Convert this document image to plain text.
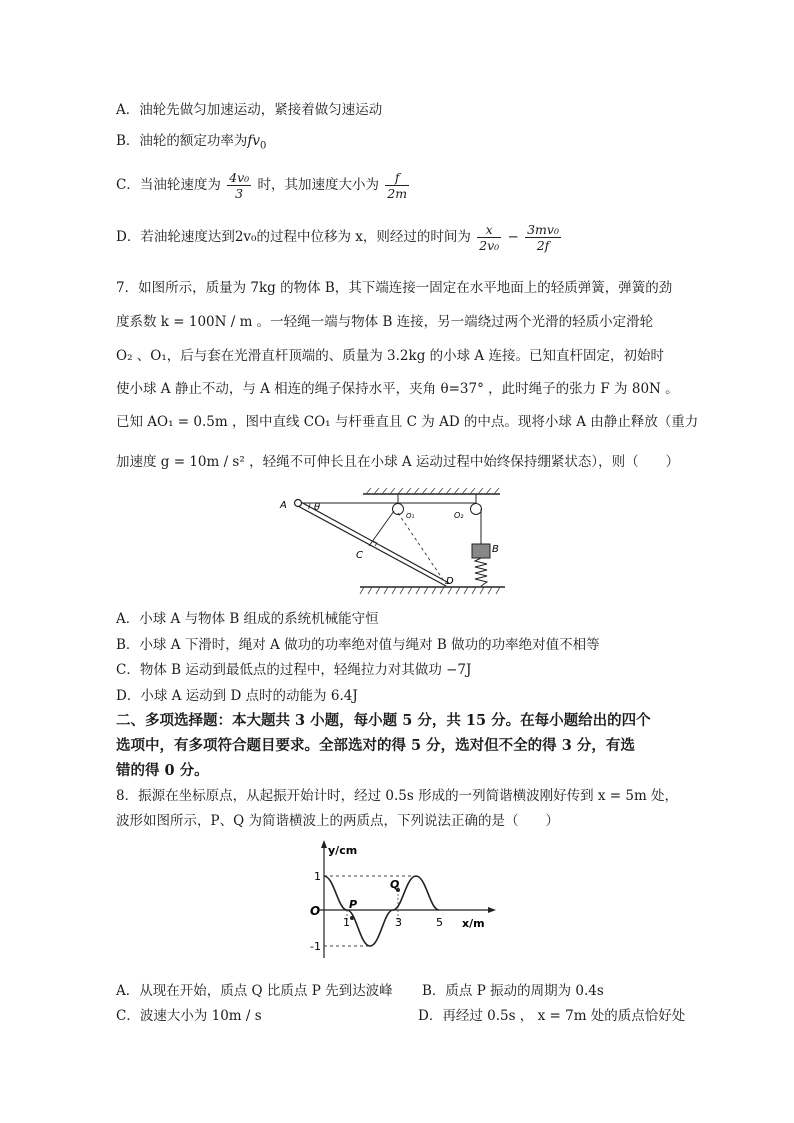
A．油轮先做匀加速运动，紧接着做匀速运动
B．油轮的额定功率为$fv_0$
C．当油轮速度为 $\frac{\text{4v₀}}{3}$ 时，其加速度大小为 $\frac{f}{2m}$
D．若油轮速度达到2v₀的过程中位移为 x，则经过的时间为 $\frac{x}{\text{2v₀}} - \frac{\text{3mv₀}}{2f}$
7．如图所示，质量为 7kg 的物体 B，其下端连接一固定在水平地面上的轻质弹簧，弹簧的劲
度系数 k = 100N / m 。一轻绳一端与物体 B 连接，另一端绕过两个光滑的轻质小定滑轮
O₂ 、O₁，后与套在光滑直杆顶端的、质量为 3.2kg 的小球 A 连接。已知直杆固定，初始时
使小球 A 静止不动，与 A 相连的绳子保持水平，夹角 θ=37° ，此时绳子的张力 F 为 80N 。
已知 AO₁ = 0.5m ，图中直线 CO₁ 与杆垂直且 C 为 AD 的中点。现将小球 A 由静止释放（重力
加速度 g = 10m / s² ，轻绳不可伸长且在小球 A 运动过程中始终保持绷紧状态），则（　　）
A	θ
O₁	O₂
B
C
D
A．小球 A 与物体 B 组成的系统机械能守恒
B．小球 A 下滑时，绳对 A 做功的功率绝对值与绳对 B 做功的功率绝对值不相等
C．物体 B 运动到最低点的过程中，轻绳拉力对其做功 −7J
D．小球 A 运动到 D 点时的动能为 6.4J
二、多项选择题：本大题共 3 小题，每小题 5 分，共 15 分。在每小题给出的四个
选项中，有多项符合题目要求。全部选对的得 5 分，选对但不全的得 3 分，有选
错的得 0 分。
8．振源在坐标原点，从起振开始计时，经过 0.5s 形成的一列简谐横波刚好传到 x = 5m 处，
波形如图所示，P、Q 为简谐横波上的两质点，下列说法正确的是（　　）
y/cm
x/m
O
1
-1
1	3	5
P
Q
A．从现在开始，质点 Q 比质点 P 先到达波峰 B．质点 P 振动的周期为 0.4s
C．波速大小为 10m / s	D．再经过 0.5s ， x = 7m 处的质点恰好处
